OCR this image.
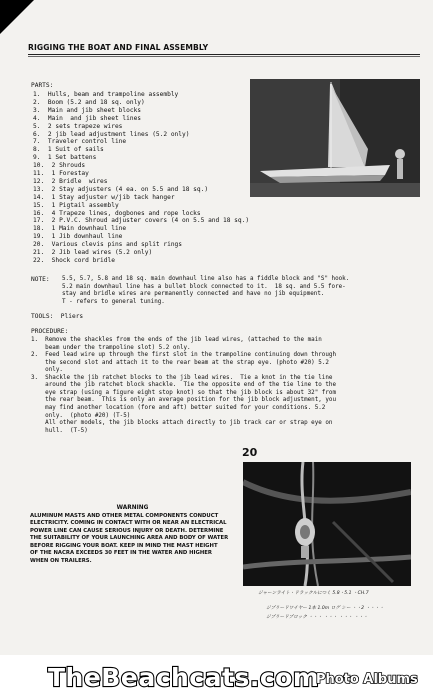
RIGGING THE BOAT AND FINAL ASSEMBLY
PARTS:
1.  Hulls, beam and trampoline assembly
2.  Boom (5.2 and 18 sq. only)
3.  Main and jib sheet blocks
4.  Main  and jib sheet lines
5.  2 sets trapeze wires
6.  2 jib lead adjustment lines (5.2 only)
7.  Traveler control line
8.  1 Suit of sails
9.  1 Set battens
10.  2 Shrouds
11.  1 Forestay
12.  2 Bridle  wires
13.  2 Stay adjusters (4 ea. on 5.5 and 18 sq.)
14.  1 Stay adjuster w/jib tack hanger
15.  1 Pigtail assembly
16.  4 Trapeze lines, dogbones and rope locks
17.  2 P.V.C. Shroud adjuster covers (4 on 5.5 and 18 sq.)
18.  1 Main downhaul line
19.  1 Jib downhaul line
20.  Various clevis pins and split rings
21.  2 Jib lead wires (5.2 only)
22.  Shock cord bridle
NOTE: 5.5, 5.7, 5.8 and 18 sq. main downhaul line also has a fiddle block and "S" hook.
5.2 main downhaul line has a bullet block connected to it.  18 sq. and 5.5 fore-
stay and bridle wires are permanently connected and have no jib equipment.
T - refers to general tuning.
TOOLS:  Pliers
PROCEDURE:
1.  Remove the shackles from the ends of the jib lead wires, (attached to the main
beam under the trampoline slot) 5.2 only.
2.  Feed lead wire up through the first slot in the trampoline continuing down through
the second slot and attach it to the rear beam at the strap eye. (photo #20) 5.2
only.
3.  Shackle the jib ratchet blocks to the jib lead wires.  Tie a knot in the tie line
around the jib ratchet block shackle.  Tie the opposite end of the tie line to the
eye strap (using a figure eight stop knot) so that the jib block is about 32" from
the rear beam.  This is only an average position for the jib block adjustment, you
may find another location (fore and aft) better suited for your conditions. 5.2
only.  (photo #20) (T-5)
All other models, the jib blocks attach directly to jib track car or strap eye on
hull.  (T-5)
20
WARNING
ALUMINUM MASTS AND OTHER METAL COMPONENTS CONDUCT
ELECTRICITY. COMING IN CONTACT WITH OR NEAR AN ELECTRICAL
POWER LINE CAN CAUSE SERIOUS INJURY OR DEATH. DETERMINE
THE SUITABILITY OF YOUR LAUNCHING AREA AND BODY OF WATER
BEFORE RIGGING YOUR BOAT. KEEP IN MIND THE MAST HEIGHT
OF THE NACRA EXCEEDS 30 FEET IN THE WATER AND HIGHER
WHEN ON TRAILERS.
ジャーンライト・ドラックルにつく 5.8・5.1 ・CH.7
ジブリードワイヤー 1本 1.0m ログ シー ・・2 ・・・・
ジブリードブロック ・・・ ・・・ ・・・ ・・・
TheBeachcats.com
Photo Albums
